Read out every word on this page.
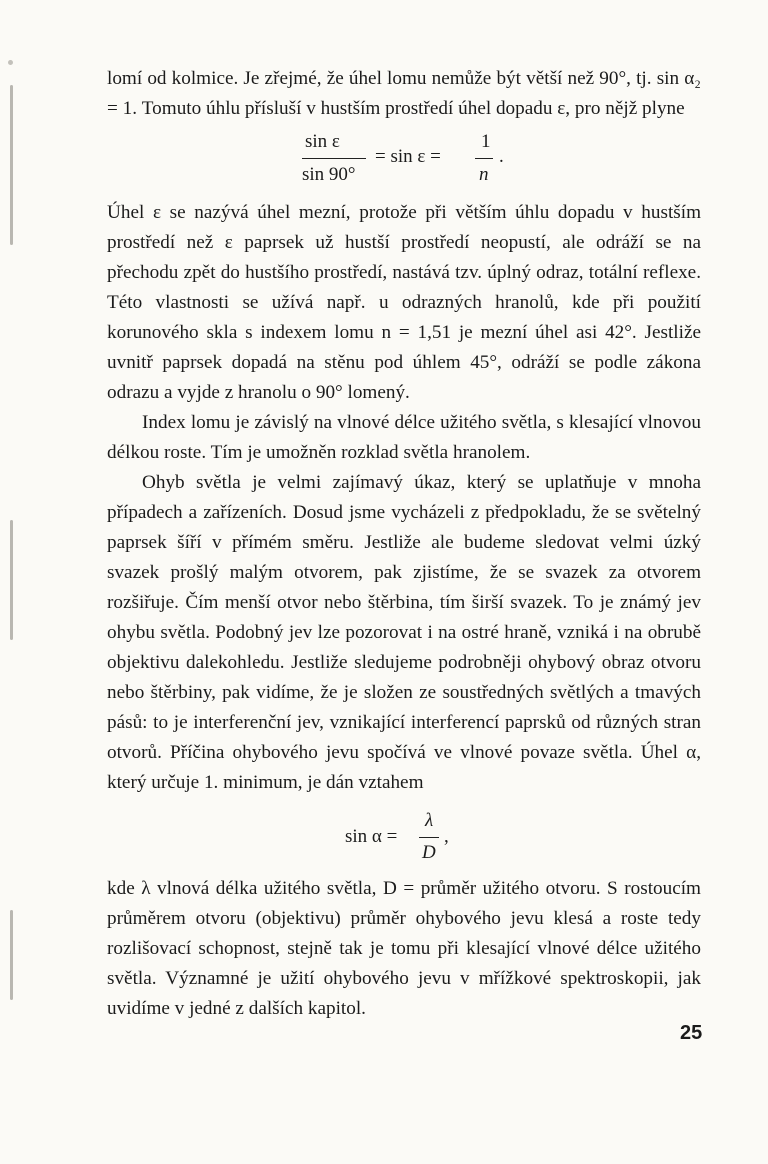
lomí od kolmice. Je zřejmé, že úhel lomu nemůže být větší než 90°, tj. sin α₂ = 1. Tomuto úhlu přísluší v hustším prostředí úhel dopadu ε, pro nějž plyne

sin ε
sin 90°
= sin ε =
1
n
.

Úhel ε se nazývá úhel mezní, protože při větším úhlu dopadu v hustším prostředí než ε paprsek už hustší prostředí neopustí, ale odráží se na přechodu zpět do hustšího prostředí, nastává tzv. úplný odraz, totální reflexe. Této vlastnosti se užívá např. u odrazných hranolů, kde při použití korunového skla s indexem lomu n = 1,51 je mezní úhel asi 42°. Jestliže uvnitř paprsek dopadá na stěnu pod úhlem 45°, odráží se podle zákona odrazu a vyjde z hranolu o 90° lomený.

Index lomu je závislý na vlnové délce užitého světla, s klesající vlnovou délkou roste. Tím je umožněn rozklad světla hranolem.

Ohyb světla je velmi zajímavý úkaz, který se uplatňuje v mnoha případech a zařízeních. Dosud jsme vycházeli z předpokladu, že se světelný paprsek šíří v přímém směru. Jestliže ale budeme sledovat velmi úzký svazek prošlý malým otvorem, pak zjistíme, že se svazek za otvorem rozšiřuje. Čím menší otvor nebo štěrbina, tím širší svazek. To je známý jev ohybu světla. Podobný jev lze pozorovat i na ostré hraně, vzniká i na obrubě objektivu dalekohledu. Jestliže sledujeme podrobněji ohybový obraz otvoru nebo štěrbiny, pak vidíme, že je složen ze soustředných světlých a tmavých pásů: to je interferenční jev, vznikající interferencí paprsků od různých stran otvorů. Příčina ohybového jevu spočívá ve vlnové povaze světla. Úhel α, který určuje 1. minimum, je dán vztahem

sin α =
λ
D
,

kde λ vlnová délka užitého světla, D = průměr užitého otvoru. S rostoucím průměrem otvoru (objektivu) průměr ohybového jevu klesá a roste tedy rozlišovací schopnost, stejně tak je tomu při klesající vlnové délce užitého světla. Významné je užití ohybového jevu v mřížkové spektroskopii, jak uvidíme v jedné z dalších kapitol.

25
